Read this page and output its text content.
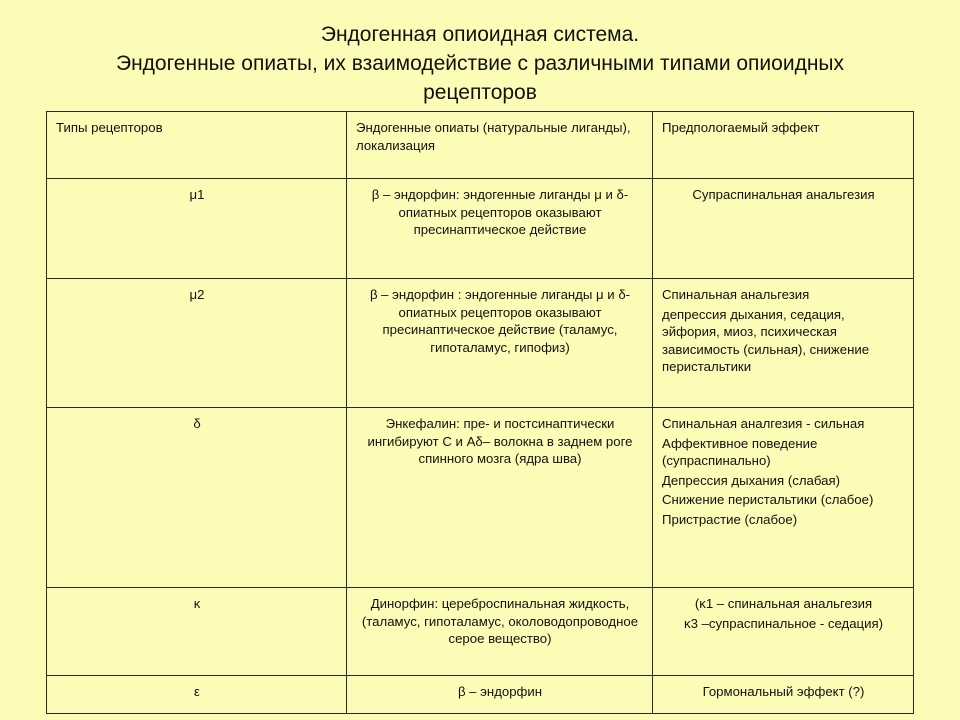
Эндогенная опиоидная система.
Эндогенные опиаты, их взаимодействие с различными типами опиоидных
рецепторов
Типы рецепторов	Эндогенные опиаты (натуральные лиганды), локализация	Предпологаемый эффект
μ1	β – эндорфин: эндогенные лиганды μ и δ-опиатных рецепторов оказывают пресинаптическое действие	Супраспинальная анальгезия

μ2	β – эндорфин : эндогенные лиганды μ и δ-опиатных рецепторов оказывают пресинаптическое действие (таламус, гипоталамус, гипофиз)	Спинальная анальгезия
депрессия дыхания, седация, эйфория, миоз, психическая зависимость (сильная), снижение перистальтики

δ	Энкефалин: пре- и постсинаптически ингибируют С и Аδ– волокна в заднем роге спинного мозга (ядра шва)	Спинальная аналгезия - сильная
Аффективное поведение (супраспинально)
Депрессия дыхания (слабая)
Снижение перистальтики (слабое)
Пристрастие (слабое)

κ	Динорфин: цереброспинальная жидкость, (таламус, гипоталамус, околоводопроводное серое вещество)	(κ1 – спинальная анальгезия
κ3 –супраспинальное - седация)

ε	β – эндорфин	Гормональный эффект (?)
